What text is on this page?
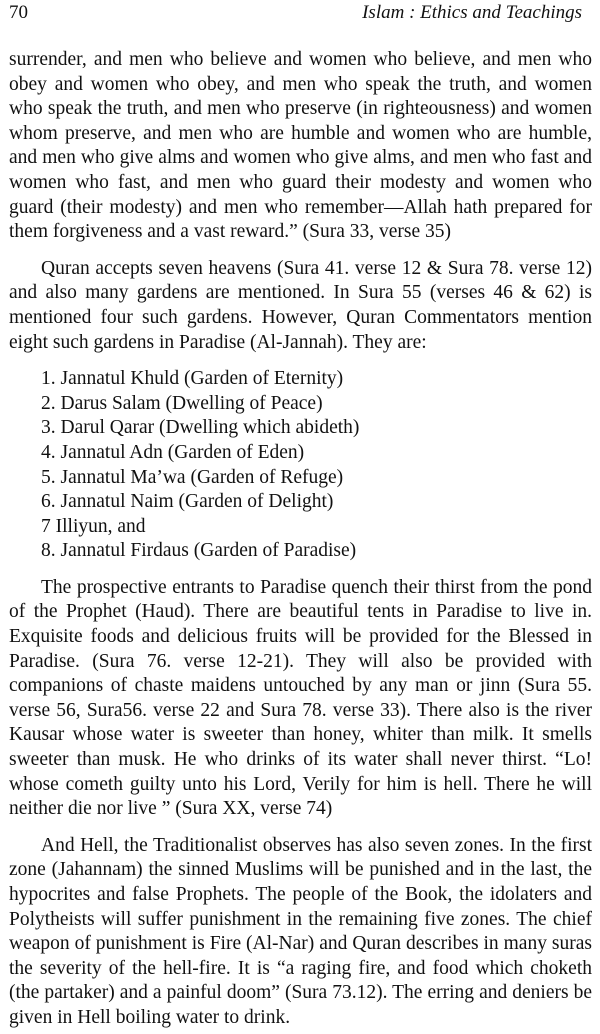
70	Islam : Ethics and Teachings

surrender, and men who believe and women who believe, and men who obey and women who obey, and men who speak the truth, and women who speak the truth, and men who preserve (in righteousness) and women whom preserve, and men who are humble and women who are humble, and men who give alms and women who give alms, and men who fast and women who fast, and men who guard their modesty and women who guard (their modesty) and men who remember—Allah hath prepared for them forgiveness and a vast reward.” (Sura 33, verse 35)

Quran accepts seven heavens (Sura 41. verse 12 & Sura 78. verse 12) and also many gardens are mentioned. In Sura 55 (verses 46 & 62) is mentioned four such gardens. However, Quran Commentators mention eight such gardens in Paradise (Al-Jannah). They are:

1. Jannatul Khuld (Garden of Eternity)
2. Darus Salam (Dwelling of Peace)
3. Darul Qarar (Dwelling which abideth)
4. Jannatul Adn (Garden of Eden)
5. Jannatul Ma’wa (Garden of Refuge)
6. Jannatul Naim (Garden of Delight)
7 Illiyun, and
8. Jannatul Firdaus (Garden of Paradise)

The prospective entrants to Paradise quench their thirst from the pond of the Prophet (Haud). There are beautiful tents in Paradise to live in. Exquisite foods and delicious fruits will be provided for the Blessed in Paradise. (Sura 76. verse 12-21). They will also be provided with companions of chaste maidens untouched by any man or jinn (Sura 55. verse 56, Sura56. verse 22 and Sura 78. verse 33). There also is the river Kausar whose water is sweeter than honey, whiter than milk. It smells sweeter than musk. He who drinks of its water shall never thirst. “Lo! whose cometh guilty unto his Lord, Verily for him is hell. There he will neither die nor live ” (Sura XX, verse 74)

And Hell, the Traditionalist observes has also seven zones. In the first zone (Jahannam) the sinned Muslims will be punished and in the last, the hypocrites and false Prophets. The people of the Book, the idolaters and Polytheists will suffer punishment in the remaining five zones. The chief weapon of punishment is Fire (Al-Nar) and Quran describes in many suras the severity of the hell-fire. It is “a raging fire, and food which choketh (the partaker) and a painful doom” (Sura 73.12). The erring and deniers be given in Hell boiling water to drink.
